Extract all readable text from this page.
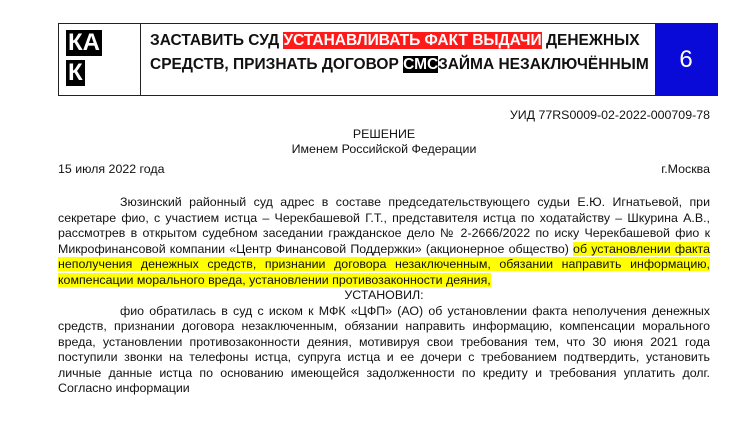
КА
К
ЗАСТАВИТЬ СУД УСТАНАВЛИВАТЬ ФАКТ ВЫДАЧИ ДЕНЕЖНЫХ
СРЕДСТВ, ПРИЗНАТЬ ДОГОВОР СМСЗАЙМА НЕЗАКЛЮЧЁННЫМ	6
УИД 77RS0009-02-2022-000709-78
РЕШЕНИЕ
Именем Российской Федерации
15 июля 2022 года	г.Москва
Зюзинский районный суд адрес в составе председательствующего судьи Е.Ю. Игнатьевой, при секретаре фио, с участием истца – Черекбашевой Г.Т., представителя истца по ходатайству – Шкурина А.В., рассмотрев в открытом судебном заседании гражданское дело № 2-2666/2022 по иску Черекбашевой фио к Микрофинансовой компании «Центр Финансовой Поддержки» (акционерное общество) об установлении факта неполучения денежных средств, признании договора незаключенным, обязании направить информацию, компенсации морального вреда, установлении противозаконности деяния,
УСТАНОВИЛ:
фио обратилась в суд с иском к МФК «ЦФП» (АО) об установлении факта неполучения денежных средств, признании договора незаключенным, обязании направить информацию, компенсации морального вреда, установлении противозаконности деяния, мотивируя свои требования тем, что 30 июня 2021 года поступили звонки на телефоны истца, супруга истца и ее дочери с требованием подтвердить, установить личные данные истца по основанию имеющейся задолженности по кредиту и требования уплатить долг. Согласно информации
